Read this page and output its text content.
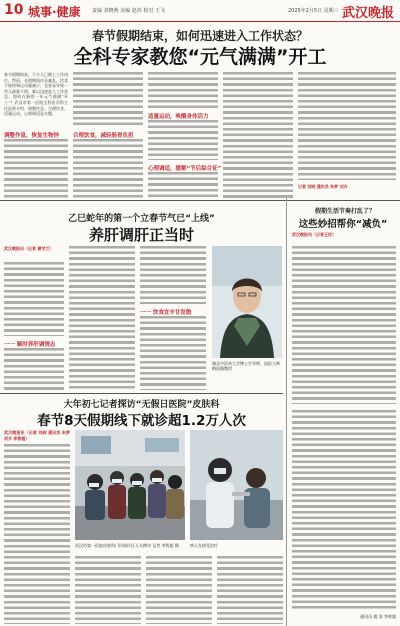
10 城事·健康 责编 刘晓燕 美编 赵祎 校对 王飞	2025年2月5日 星期三 武汉晚报
春节假期结束，如何迅速进入工作状态？
全科专家教您“元气满满”开工
春节假期结束，不少人已踏上工作岗位。然而，长假期间作息紊乱、饮食不规律和运动量减少，也容易导致一些人疲惫不堪，难以迅速进入工作状态。如何在新的一年元气满满“开工”？武汉市第一医院全科医学科主任医师介绍，调整作息、合理饮食、适量运动、心理调适是关键。
调整作息，恢复生物钟	合理饮食，减轻肠胃负担
适量运动，唤醒身体活力
心理调适，缓解“节后综合征”
记者 刘晓 通讯员 朱梦 刘卉
乙巳蛇年的第一个立春节气已“上线”
养肝调肝正当时
武汉晚报讯（记者 曾学兰）
一一 顺时养肝调情志
一一 饮食宜辛甘发散
湖北中医药大学博士生导师、国医大师梅国强教授
假期生活节奏打乱了？
这些妙招帮你“减负”
武汉晚报讯（记者王玫）
大年初七记者探访“无假日医院”皮肤科
春节8天假期线下就诊超1.2万人次
武汉晚报讯（记者 刘晓 通讯员 朱梦 刘卉 李智超）
武汉市第一医院皮肤科门诊候诊区人头攒动 记者 李智超 摄	病人在接受治疗
通讯员 姚 涛 李智超
